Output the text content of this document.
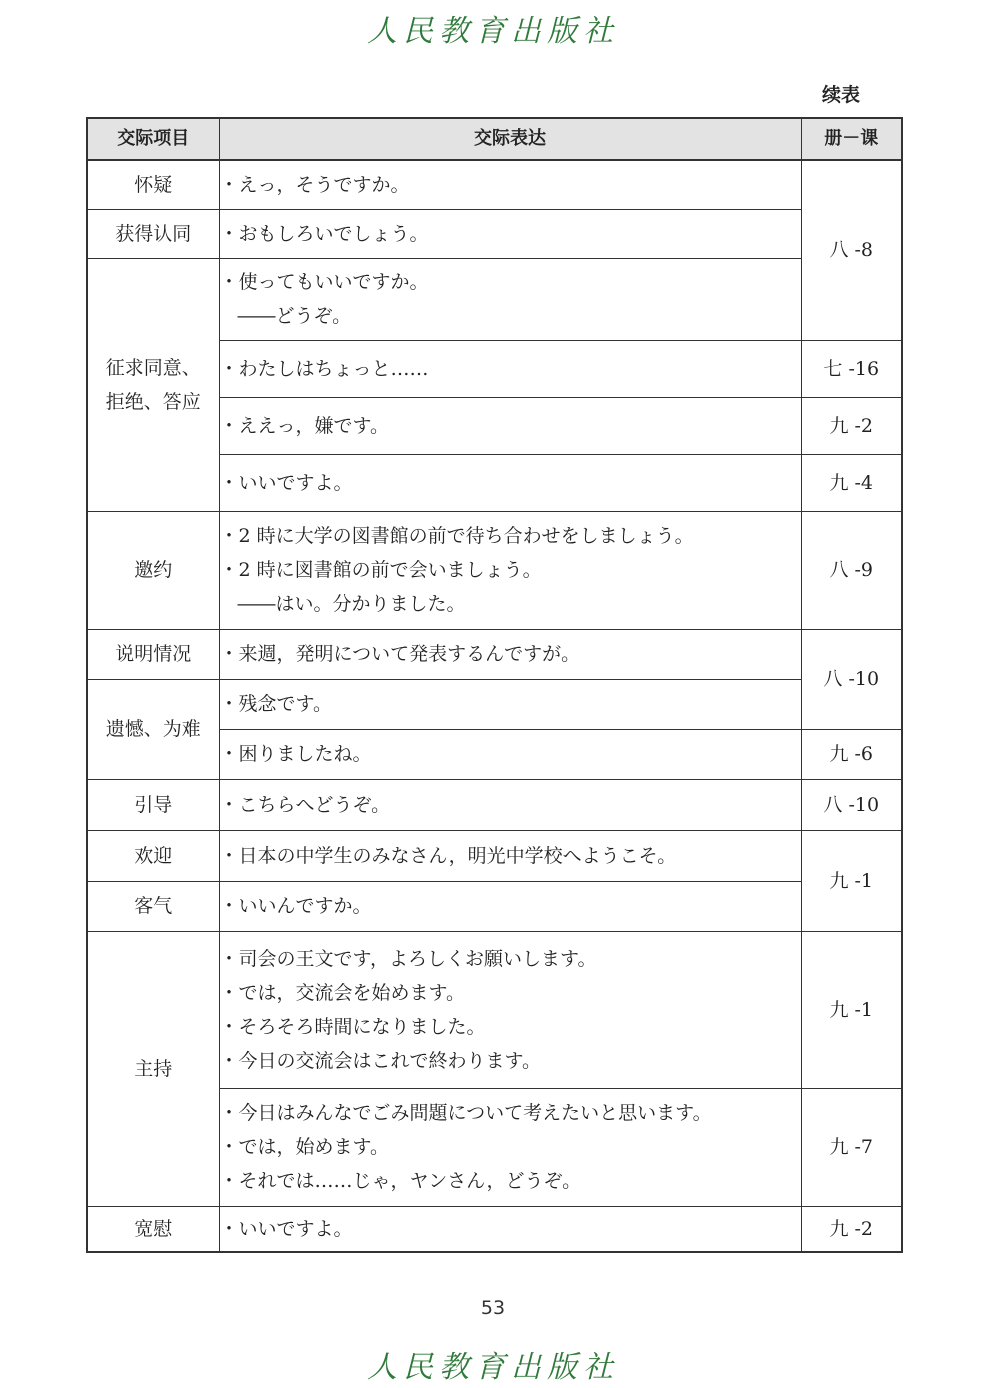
人民教育出版社
续表
交际项目	交际表达	册－课
怀疑	・えっ，そうですか。	八 -8
获得认同	・おもしろいでしょう。	

征求同意、拒绝、答应	・使ってもいいですか。
――どうぞ。	

	・わたしはちょっと……	七 -16

	・ええっ，嫌です。	九 -2

	・いいですよ。	九 -4
邀约	・2 時に大学の図書館の前で待ち合わせをしましょう。
・2 時に図書館の前で会いましょう。
――はい。分かりました。	八 -9
说明情况	・来週，発明について発表するんですが。	八 -10
遗憾、为难	・残念です。	

	・困りましたね。	九 -6
引导	・こちらへどうぞ。	八 -10
欢迎	・日本の中学生のみなさん，明光中学校へようこそ。	九 -1
客气	・いいんですか。	

主持	・司会の王文です，よろしくお願いします。
・では，交流会を始めます。
・そろそろ時間になりました。
・今日の交流会はこれで終わります。	九 -1

	・今日はみんなでごみ問題について考えたいと思います。
・では，始めます。
・それでは……じゃ，ヤンさん，どうぞ。	九 -7
宽慰	・いいですよ。	九 -2
53
人民教育出版社
